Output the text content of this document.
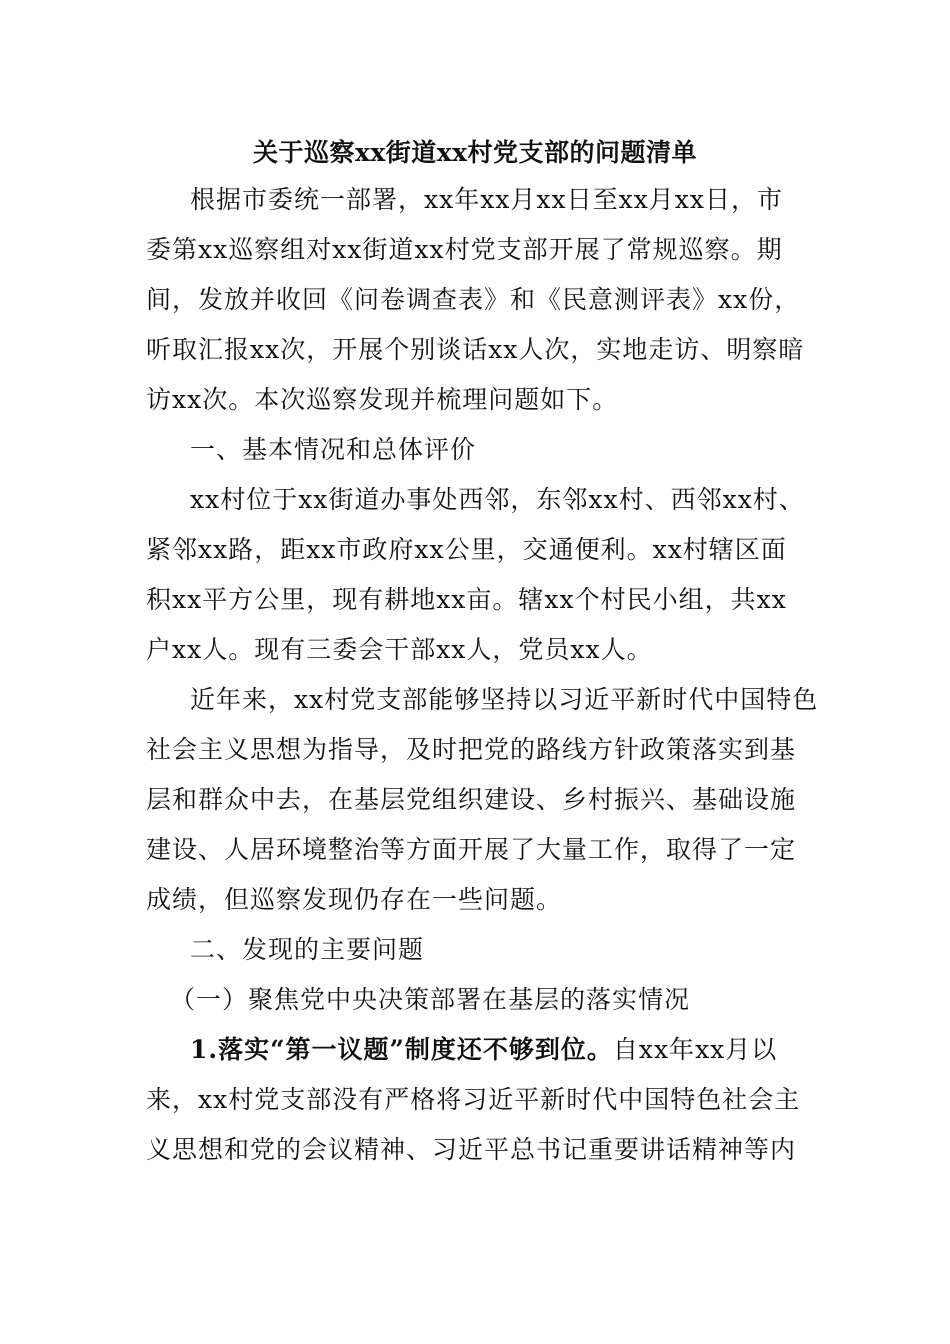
关于巡察xx街道xx村党支部的问题清单
根据市委统一部署，xx年xx月xx日至xx月xx日，市
委第xx巡察组对xx街道xx村党支部开展了常规巡察。期
间，发放并收回《问卷调查表》和《民意测评表》xx份，
听取汇报xx次，开展个别谈话xx人次，实地走访、明察暗
访xx次。本次巡察发现并梳理问题如下。
一、基本情况和总体评价
xx村位于xx街道办事处西邻，东邻xx村、西邻xx村、
紧邻xx路，距xx市政府xx公里，交通便利。xx村辖区面
积xx平方公里，现有耕地xx亩。辖xx个村民小组，共xx
户xx人。现有三委会干部xx人，党员xx人。
近年来，xx村党支部能够坚持以习近平新时代中国特色
社会主义思想为指导，及时把党的路线方针政策落实到基
层和群众中去，在基层党组织建设、乡村振兴、基础设施
建设、人居环境整治等方面开展了大量工作，取得了一定
成绩，但巡察发现仍存在一些问题。
二、发现的主要问题
（一）聚焦党中央决策部署在基层的落实情况
1.落实“第一议题”制度还不够到位。自xx年xx月以
来，xx村党支部没有严格将习近平新时代中国特色社会主
义思想和党的会议精神、习近平总书记重要讲话精神等内
